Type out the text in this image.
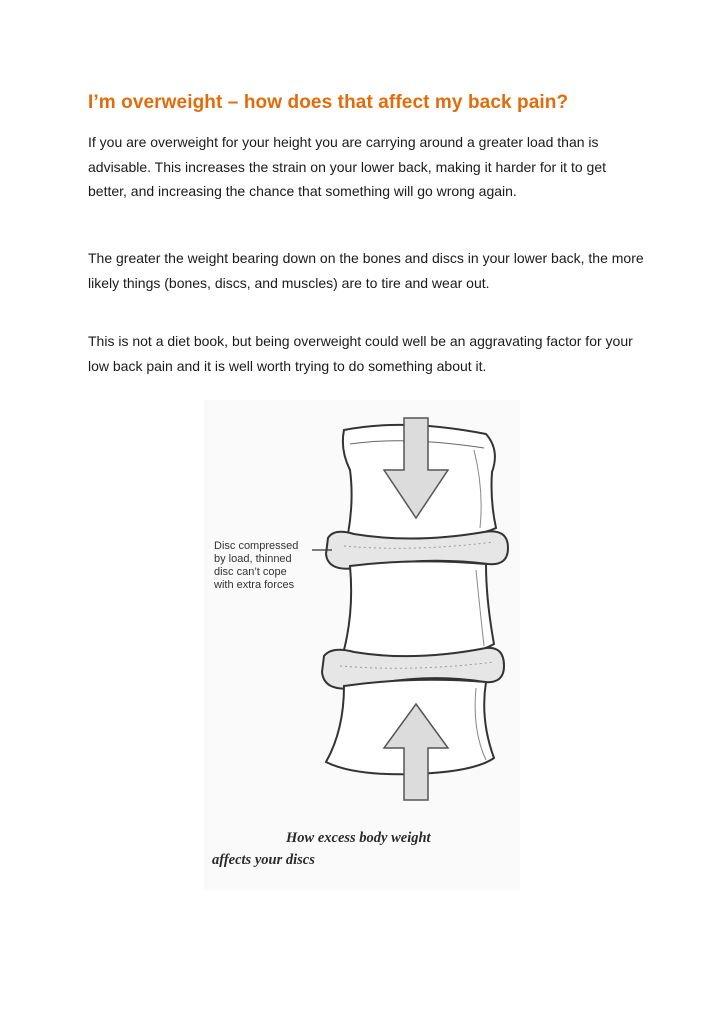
I’m overweight – how does that affect my back pain?

If you are overweight for your height you are carrying around a greater load than is advisable. This increases the strain on your lower back, making it harder for it to get better, and increasing the chance that something will go wrong again.

The greater the weight bearing down on the bones and discs in your lower back, the more likely things (bones, discs, and muscles) are to tire and wear out.

This is not a diet book, but being overweight could well be an aggravating factor for your low back pain and it is well worth trying to do something about it.

Disc compressed by load, thinned disc can’t cope with extra forces
How excess body weight
affects your discs
